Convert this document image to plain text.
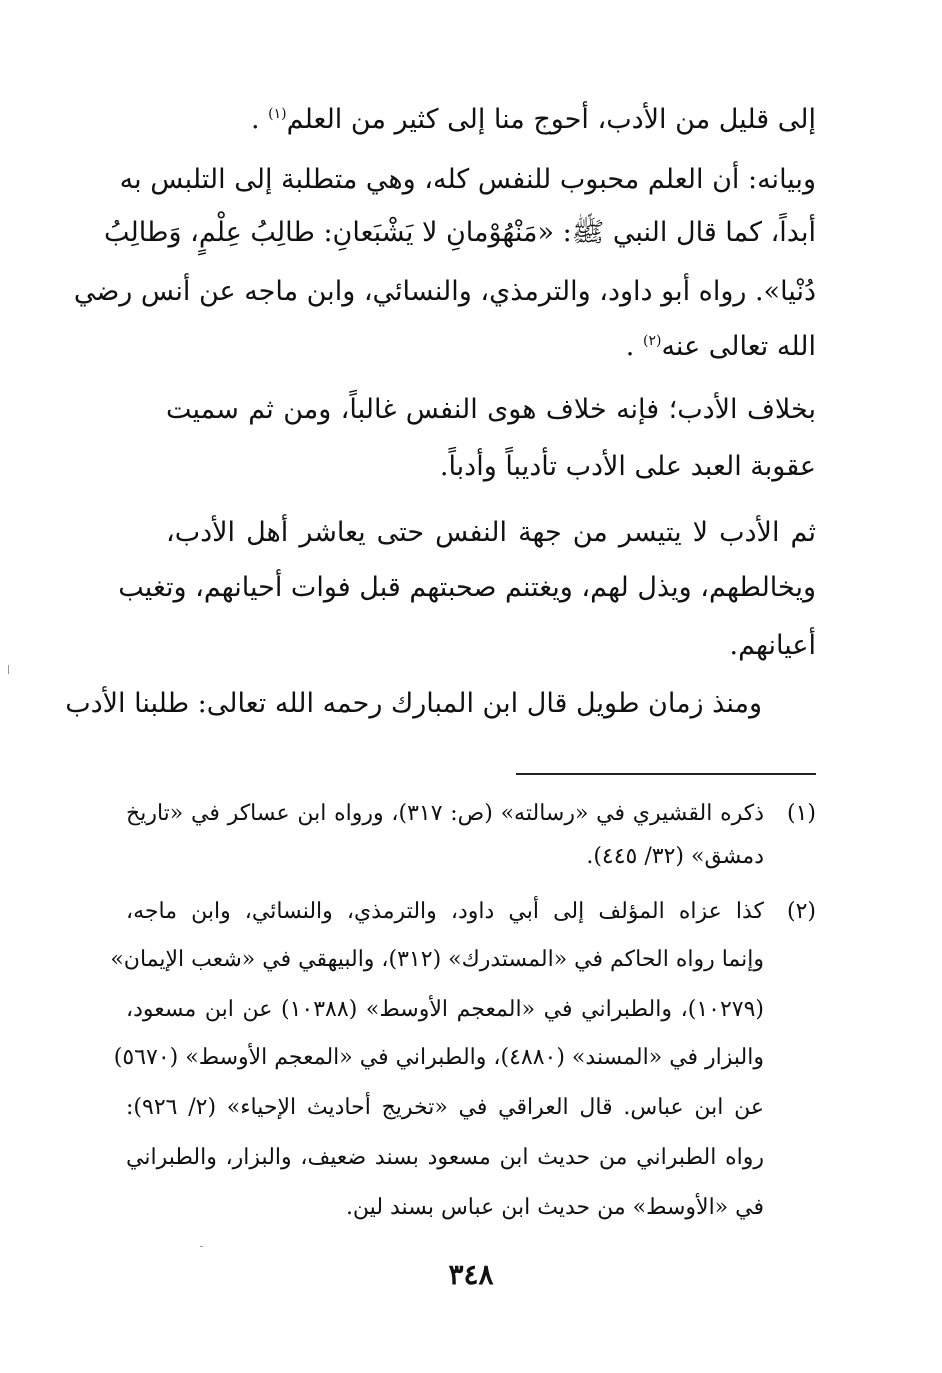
إلى قليل من الأدب، أحوج منا إلى كثير من العلم$^{(١)}$ .
وبيانه: أن العلم محبوب للنفس كله، وهي متطلبة إلى التلبس به
أبداً، كما قال النبي ﷺ: «مَنْهُوْمانِ لا يَشْبَعانِ: طالِبُ عِلْمٍ، وَطالِبُ
دُنْيا». رواه أبو داود، والترمذي، والنسائي، وابن ماجه عن أنس رضي
الله تعالى عنه$^{(٢)}$ .
بخلاف الأدب؛ فإنه خلاف هوى النفس غالباً، ومن ثم سميت
عقوبة العبد على الأدب تأديباً وأدباً.
ثم الأدب لا يتيسر من جهة النفس حتى يعاشر أهل الأدب،
ويخالطهم، ويذل لهم، ويغتنم صحبتهم قبل فوات أحيانهم، وتغيب
أعيانهم.
ومنذ زمان طويل قال ابن المبارك رحمه الله تعالى: طلبنا الأدب
(١)
ذكره القشيري في «رسالته» (ص: ٣١٧)، ورواه ابن عساكر في «تاريخ
دمشق» (٣٢/ ٤٤٥).
(٢)
كذا عزاه المؤلف إلى أبي داود، والترمذي، والنسائي، وابن ماجه،
وإنما رواه الحاكم في «المستدرك» (٣١٢)، والبيهقي في «شعب الإيمان»
(١٠٢٧٩)، والطبراني في «المعجم الأوسط» (١٠٣٨٨) عن ابن مسعود،
والبزار في «المسند» (٤٨٨٠)، والطبراني في «المعجم الأوسط» (٥٦٧٠)
عن ابن عباس. قال العراقي في «تخريج أحاديث الإحياء» (٢/ ٩٢٦):
رواه الطبراني من حديث ابن مسعود بسند ضعيف، والبزار، والطبراني
في «الأوسط» من حديث ابن عباس بسند لين.
٣٤٨
